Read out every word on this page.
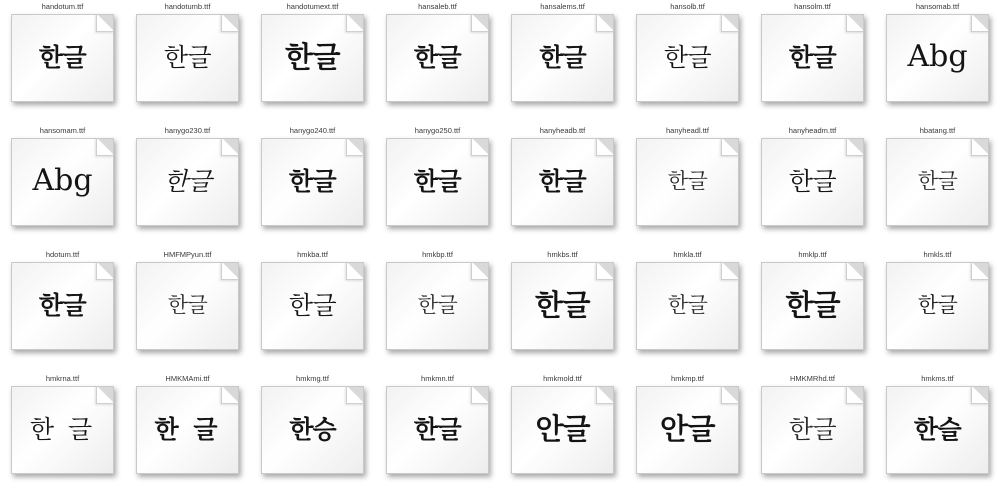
handotum.ttf
한글
handotumb.ttf
한글
handotumext.ttf
한글
hansaleb.ttf
한글
hansalems.ttf
한글
hansolb.ttf
한글
hansolm.ttf
한글
hansomab.ttf
Abg
hansomam.ttf
Abg
hanygo230.ttf
한글
hanygo240.ttf
한글
hanygo250.ttf
한글
hanyheadb.ttf
한글
hanyheadl.ttf
한글
hanyheadm.ttf
한글
hbatang.ttf
한글
hdotum.ttf
한글
HMFMPyun.ttf
한글
hmkba.ttf
한글
hmkbp.ttf
한글
hmkbs.ttf
한글
hmkla.ttf
한글
hmklp.ttf
한글
hmkls.ttf
한글
hmkrna.ttf
한 글
HMKMAmi.ttf
한 글
hmkmg.ttf
한승
hmkmn.ttf
한글
hmkmold.ttf
안글
hmkmp.ttf
안글
HMKMRhd.ttf
한글
hmkms.ttf
한슬
